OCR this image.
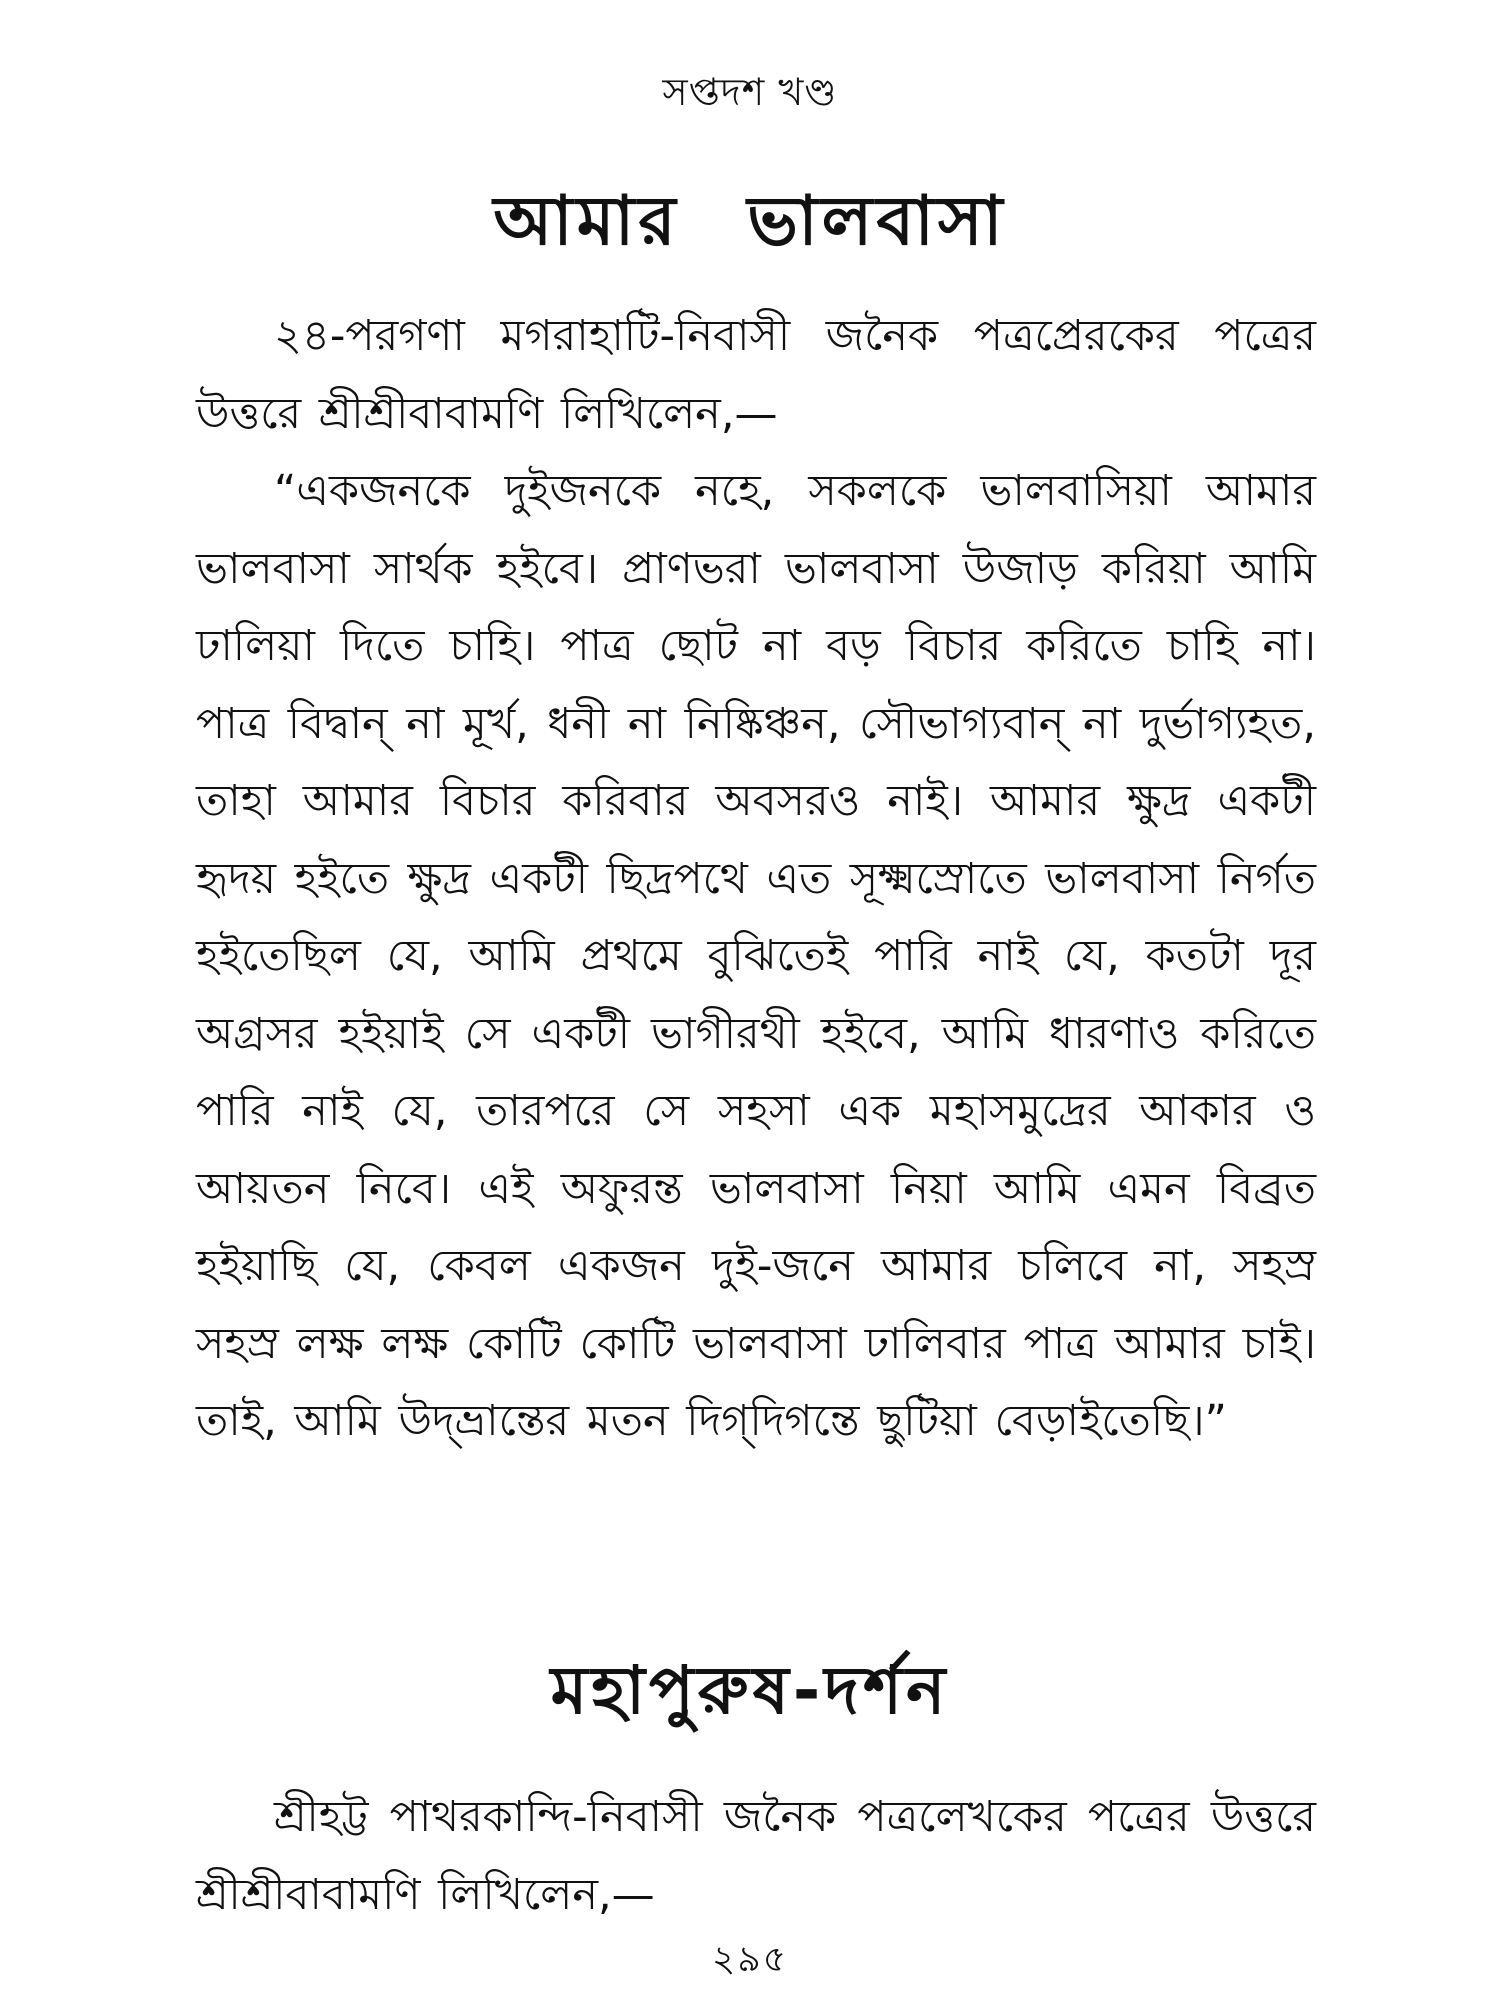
সপ্তদশ খণ্ড
আমার ভালবাসা

২৪-পরগণা মগরাহাটি-নিবাসী জনৈক পত্রপ্রেরকের পত্রের উত্তরে শ্রীশ্রীবাবামণি লিখিলেন,—

“একজনকে দুইজনকে নহে, সকলকে ভালবাসিয়া আমার ভালবাসা সার্থক হইবে। প্রাণভরা ভালবাসা উজাড় করিয়া আমি ঢালিয়া দিতে চাহি। পাত্র ছোট না বড় বিচার করিতে চাহি না। পাত্র বিদ্বান্ না মূর্খ, ধনী না নিষ্কিঞ্চন, সৌভাগ্যবান্ না দুর্ভাগ্যহত, তাহা আমার বিচার করিবার অবসরও নাই। আমার ক্ষুদ্র একটী হৃদয় হইতে ক্ষুদ্র একটী ছিদ্রপথে এত সূক্ষ্মস্রোতে ভালবাসা নির্গত হইতেছিল যে, আমি প্রথমে বুঝিতেই পারি নাই যে, কতটা দূর অগ্রসর হইয়াই সে একটী ভাগীরথী হইবে, আমি ধারণাও করিতে পারি নাই যে, তারপরে সে সহসা এক মহাসমুদ্রের আকার ও আয়তন নিবে। এই অফুরন্ত ভালবাসা নিয়া আমি এমন বিব্রত হইয়াছি যে, কেবল একজন দুই-জনে আমার চলিবে না, সহস্র সহস্র লক্ষ লক্ষ কোটি কোটি ভালবাসা ঢালিবার পাত্র আমার চাই। তাই, আমি উদ্‌ভ্রান্তের মতন দিগ্‌দিগন্তে ছুটিয়া বেড়াইতেছি।”

মহাপুরুষ-দর্শন

শ্রীহট্ট পাথরকান্দি-নিবাসী জনৈক পত্রলেখকের পত্রের উত্তরে শ্রীশ্রীবাবামণি লিখিলেন,—

২৯৫
